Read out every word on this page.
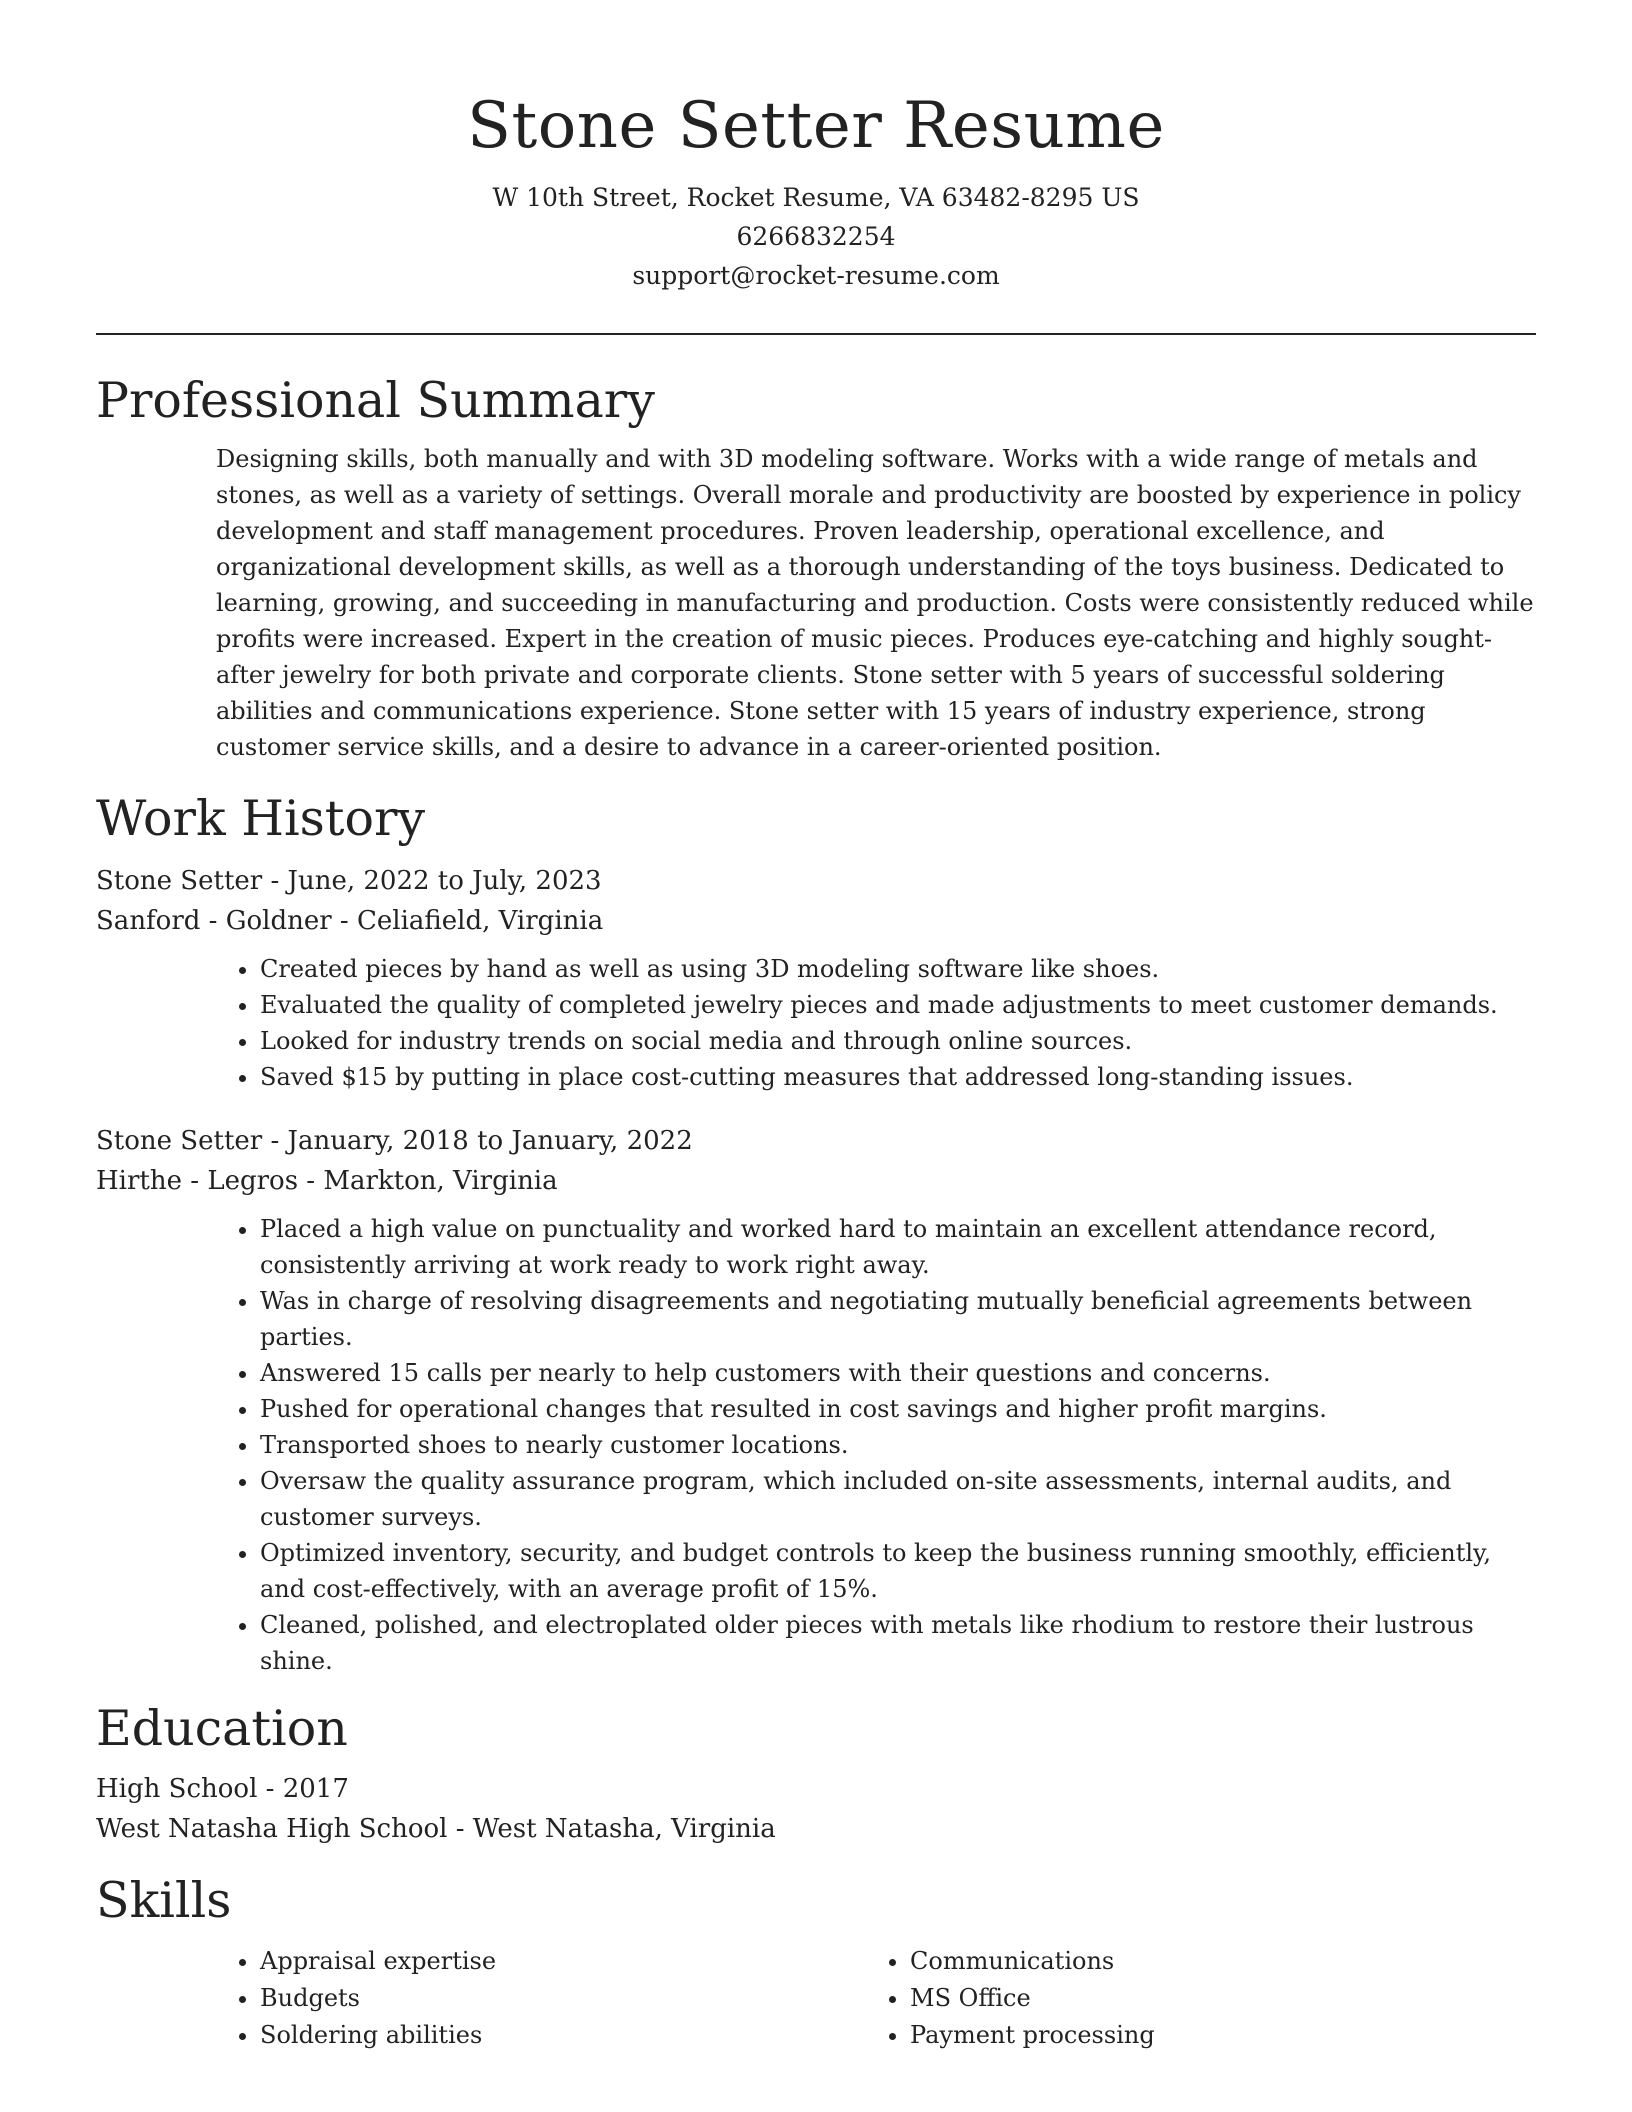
Stone Setter Resume

W 10th Street, Rocket Resume, VA 63482-8295 US

6266832254

support@rocket-resume.com

Professional Summary

Designing skills, both manually and with 3D modeling software. Works with a wide range of metals and stones, as well as a variety of settings. Overall morale and productivity are boosted by experience in policy development and staff management procedures. Proven leadership, operational excellence, and organizational development skills, as well as a thorough understanding of the toys business. Dedicated to learning, growing, and succeeding in manufacturing and production. Costs were consistently reduced while profits were increased. Expert in the creation of music pieces. Produces eye-catching and highly sought-after jewelry for both private and corporate clients. Stone setter with 5 years of successful soldering abilities and communications experience. Stone setter with 15 years of industry experience, strong customer service skills, and a desire to advance in a career-oriented position.

Work History

Stone Setter - June, 2022 to July, 2023

Sanford - Goldner - Celiafield, Virginia

• Created pieces by hand as well as using 3D modeling software like shoes.
• Evaluated the quality of completed jewelry pieces and made adjustments to meet customer demands.
• Looked for industry trends on social media and through online sources.
• Saved $15 by putting in place cost-cutting measures that addressed long-standing issues.

Stone Setter - January, 2018 to January, 2022

Hirthe - Legros - Markton, Virginia

• Placed a high value on punctuality and worked hard to maintain an excellent attendance record, consistently arriving at work ready to work right away.
• Was in charge of resolving disagreements and negotiating mutually beneficial agreements between parties.
• Answered 15 calls per nearly to help customers with their questions and concerns.
• Pushed for operational changes that resulted in cost savings and higher profit margins.
• Transported shoes to nearly customer locations.
• Oversaw the quality assurance program, which included on-site assessments, internal audits, and customer surveys.
• Optimized inventory, security, and budget controls to keep the business running smoothly, efficiently, and cost-effectively, with an average profit of 15%.
• Cleaned, polished, and electroplated older pieces with metals like rhodium to restore their lustrous shine.
Education

High School - 2017

West Natasha High School - West Natasha, Virginia

Skills
• Appraisal expertise
• Budgets
• Soldering abilities
• Communications
• MS Office
• Payment processing
